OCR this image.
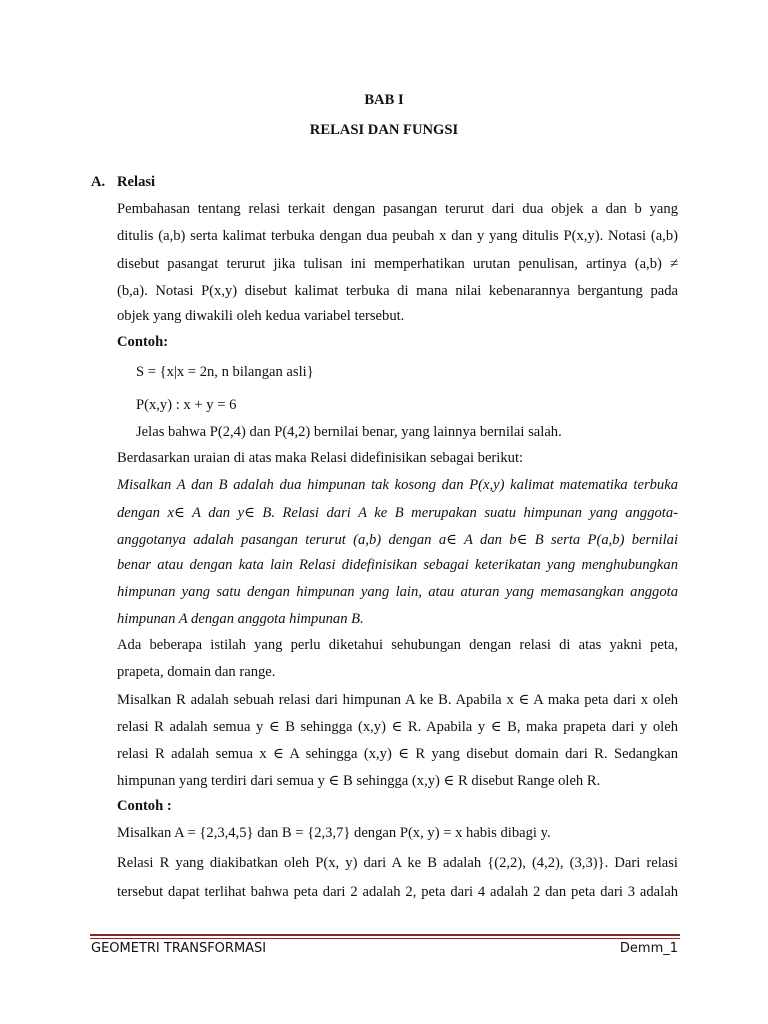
BAB I
RELASI DAN FUNGSI
A. Relasi
Pembahasan tentang relasi terkait dengan pasangan terurut dari dua objek a dan b yang
ditulis (a,b) serta kalimat terbuka dengan dua peubah x dan y yang ditulis P(x,y). Notasi (a,b)
disebut pasangat terurut jika tulisan ini memperhatikan urutan penulisan, artinya (a,b) ≠
(b,a). Notasi P(x,y) disebut kalimat terbuka di mana nilai kebenarannya bergantung pada
objek yang diwakili oleh kedua variabel tersebut.
Contoh:
S = {x|x = 2n, n bilangan asli}
P(x,y) : x + y = 6
Jelas bahwa P(2,4) dan P(4,2) bernilai benar, yang lainnya bernilai salah.
Berdasarkan uraian di atas maka Relasi didefinisikan sebagai berikut:
Misalkan A dan B adalah dua himpunan tak kosong dan P(x,y) kalimat matematika terbuka
dengan x∈ A dan y∈ B. Relasi dari A ke B merupakan suatu himpunan yang anggota-
anggotanya adalah pasangan terurut (a,b) dengan a∈ A dan b∈ B serta P(a,b) bernilai
benar atau dengan kata lain Relasi didefinisikan sebagai keterikatan yang menghubungkan
himpunan yang satu dengan himpunan yang lain, atau aturan yang memasangkan anggota
himpunan A dengan anggota himpunan B.
Ada beberapa istilah yang perlu diketahui sehubungan dengan relasi di atas yakni peta,
prapeta, domain dan range.
Misalkan R adalah sebuah relasi dari himpunan A ke B. Apabila x ∈ A maka peta dari x oleh
relasi R adalah semua y ∈ B sehingga (x,y) ∈ R. Apabila y ∈ B, maka prapeta dari y oleh
relasi R adalah semua x ∈ A sehingga (x,y) ∈ R yang disebut domain dari R. Sedangkan
himpunan yang terdiri dari semua y ∈ B sehingga (x,y) ∈ R disebut Range oleh R.
Contoh :
Misalkan A = {2,3,4,5} dan B = {2,3,7} dengan P(x, y) = x habis dibagi y.
Relasi R yang diakibatkan oleh P(x, y) dari A ke B adalah {(2,2), (4,2), (3,3)}. Dari relasi
tersebut dapat terlihat bahwa peta dari 2 adalah 2, peta dari 4 adalah 2 dan peta dari 3 adalah
GEOMETRI TRANSFORMASI	Demm_1
